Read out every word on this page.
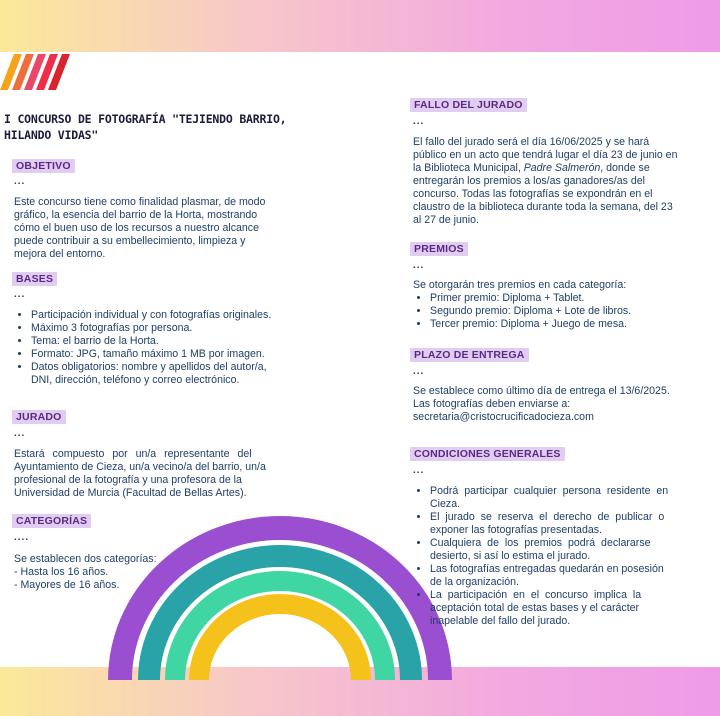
I CONCURSO DE FOTOGRAFÍA "TEJIENDO BARRIO,
HILANDO VIDAS"
OBJETIVO
...
Este concurso tiene como finalidad plasmar, de modo
gráfico, la esencia del barrio de la Horta, mostrando
cómo el buen uso de los recursos a nuestro alcance
puede contribuir a su embellecimiento, limpieza y
mejora del entorno.
BASES
...
• Participación individual y con fotografías originales.
• Máximo 3 fotografías por persona.
• Tema: el barrio de la Horta.
• Formato: JPG, tamaño máximo 1 MB por imagen.
• Datos obligatorios: nombre y apellidos del autor/a,
DNI, dirección, teléfono y correo electrónico.
JURADO
...
Estará compuesto por un/a representante del
Ayuntamiento de Cieza, un/a vecino/a del barrio, un/a
profesional de la fotografía y una profesora de la
Universidad de Murcia (Facultad de Bellas Artes).
CATEGORÍAS
....
Se establecen dos categorías:
- Hasta los 16 años.
- Mayores de 16 años.
FALLO DEL JURADO
...
El fallo del jurado será el día 16/06/2025 y se hará
público en un acto que tendrá lugar el día 23 de junio en
la Biblioteca Municipal, Padre Salmerón, donde se
entregarán los premios a los/as ganadores/as del
concurso. Todas las fotografías se expondrán en el
claustro de la biblioteca durante toda la semana, del 23
al 27 de junio.
PREMIOS
...
Se otorgarán tres premios en cada categoría:
• Primer premio: Diploma + Tablet.
• Segundo premio: Diploma + Lote de libros.
• Tercer premio: Diploma + Juego de mesa.
PLAZO DE ENTREGA
...
Se establece como último día de entrega el 13/6/2025.
Las fotografías deben enviarse a:
secretaria@cristocrucificadocieza.com
CONDICIONES GENERALES
...
• Podrá participar cualquier persona residente en
Cieza.
• El jurado se reserva el derecho de publicar o
exponer las fotografías presentadas.
• Cualquiera de los premios podrá declararse
desierto, si así lo estima el jurado.
• Las fotografías entregadas quedarán en posesión
de la organización.
• La participación en el concurso implica la
aceptación total de estas bases y el carácter
inapelable del fallo del jurado.
